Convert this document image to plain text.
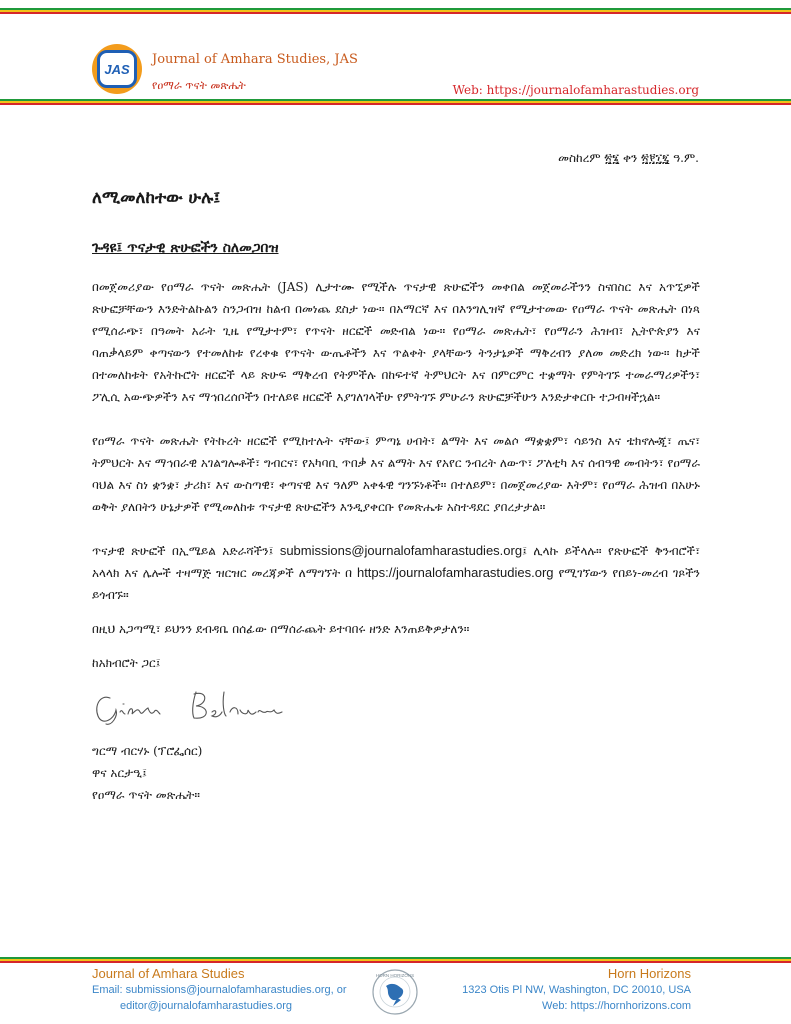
JAS
Journal of Amhara Studies, JAS
የዐማራ ጥናት መጽሔት	Web: https://journalofamharastudies.org
መስከረም ፳፮ ቀን ፳፻፲፯ ዓ.ም.
ለሚመለከተው ሁሉ፤
ጉዳዩ፤ ጥናታዊ ጽሁፎችን ስለመጋበዝ
በመጀመሪያው የዐማራ ጥናት መጽሔት (JAS) ሊታተሙ የሚችሉ ጥናታዊ ጽሁፎችን መቀበል መጀመራችንን ስናበስር እና አጥኚዎች ጽሁፎቻቸውን እንድትልኩልን ስንጋብዝ ከልብ በመነጨ ደስታ ነው። በአማርኛ እና በእንግሊዝኛ የሚታተመው የዐማራ ጥናት መጽሔት በነጻ የሚሰራጭ፣ በዓመት አራት ጊዜ የሚታተም፣ የጥናት ዘርፎች መድብል ነው። የዐማራ መጽሔት፣ የዐማራን ሕዝብ፣ ኢትዮጵያን እና ባጠቃላይም ቀጣናውን የተመለከቱ የረቀቁ የጥናት ውጤቶችን እና ጥልቀት ያላቸውን ትንታኔዎች ማቅረብን ያለመ መድረክ ነው። ከታች በተመለከቱት የአትኩሮት ዘርፎች ላይ ጽሁፍ ማቅረብ የትምችሉ በከፍተኛ ትምህርት እና በምርምር ተቋማት የምትገኙ ተመራማሪዎችን፣ ፖሊሲ አውጭዎችን እና ማኅበረሰቦችን በተለይዩ ዘርፎች እያገለገላችሁ የምትገኙ ምሁራን ጽሁፎቻችሁን እንድታቀርቡ ተጋብዛችኋል።
የዐማራ ጥናት መጽሔት የትኩረት ዘርፎች የሚከተሉት ናቸው፤ ምጣኔ ሀብት፣ ልማት እና መልሶ ማቋቋም፣ ሳይንስ እና ቴክኖሎጂ፣ ጤና፣ ትምህርት እና ማኅበራዊ አገልግሎቶች፣ ግብርና፣ የአካባቢ ጥበቃ እና ልማት እና የአየር ንብረት ለውጥ፣ ፖለቲካ እና ሰብዓዊ መብትን፣ የዐማራ ባህል እና ስነ ቋንቋ፣ ታሪክ፣ እና ውስጣዊ፣ ቀጣናዊ እና ዓለም አቀፋዊ ግንኙነቶች። በተለይም፣ በመጀመሪያው እትም፣ የዐማራ ሕዝብ በአሁኑ ወቅት ያለበትን ሁኔታዎች የሚመለከቱ ጥናታዊ ጽሁፎችን እንዲያቀርቡ የመጽሔቱ አስተዳደር ያበረታታል።
ጥናታዊ ጽሁፎች በኢሜይል አድራሻችን፤ submissions@journalofamharastudies.org፤ ሊላኩ ይችላሉ። የጽሁፎች ቅንብሮች፣ አላላክ እና ሌሎች ተዛማጅ ዝርዝር መረጃዎች ለማግኘት በ https://journalofamharastudies.org የሚገኘውን የበይነ-መረብ ገጾችን ይጎብኙ።
በዚህ አጋጣሚ፣ ይህንን ደብዳቤ በሰፊው በማሰራጨት ይተባበሩ ዘንድ እንጠይቅዎታለን።
ከአክብሮት ጋር፤
ግርማ ብርሃኑ (ፕሮፌሰር)
ዋና አርታዒ፤
የዐማራ ጥናት መጽሔት።
Journal of Amhara Studies
Email: submissions@journalofamharastudies.org, or
editor@journalofamharastudies.org
HORN HORIZONS	Horn Horizons
1323 Otis Pl NW, Washington, DC 20010, USA
Web: https://hornhorizons.com
